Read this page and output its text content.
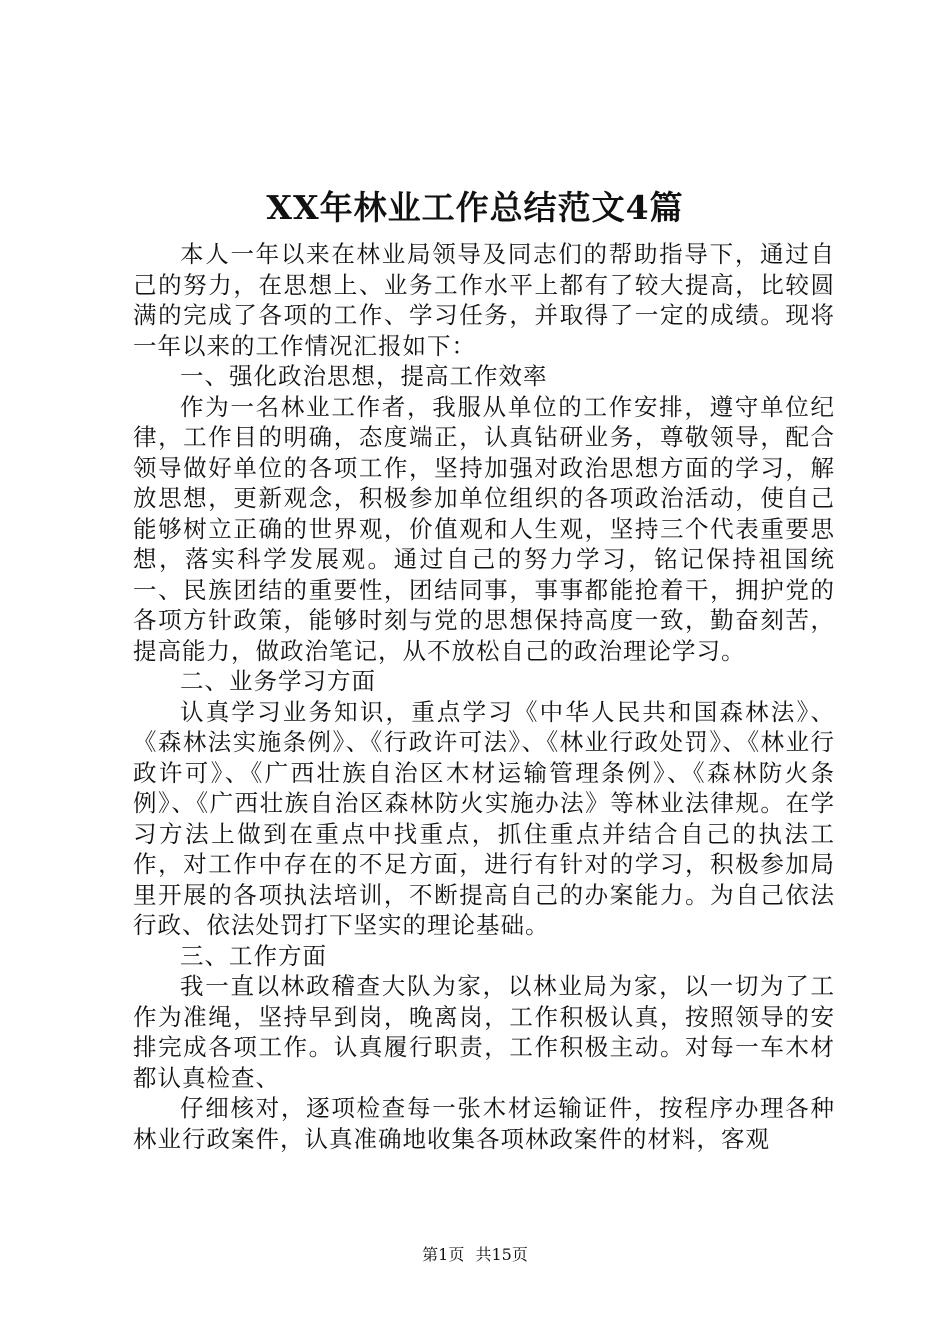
XX年林业工作总结范文4篇

本人一年以来在林业局领导及同志们的帮助指导下，通过自己的努力，在思想上、业务工作水平上都有了较大提高，比较圆满的完成了各项的工作、学习任务，并取得了一定的成绩。现将一年以来的工作情况汇报如下：

一、强化政治思想，提高工作效率

作为一名林业工作者，我服从单位的工作安排，遵守单位纪律，工作目的明确，态度端正，认真钻研业务，尊敬领导，配合领导做好单位的各项工作，坚持加强对政治思想方面的学习，解放思想，更新观念，积极参加单位组织的各项政治活动，使自己能够树立正确的世界观，价值观和人生观，坚持三个代表重要思想，落实科学发展观。通过自己的努力学习，铭记保持祖国统一、民族团结的重要性，团结同事，事事都能抢着干，拥护党的各项方针政策，能够时刻与党的思想保持高度一致，勤奋刻苦，提高能力，做政治笔记，从不放松自己的政治理论学习。

二、业务学习方面

认真学习业务知识，重点学习《中华人民共和国森林法》、《森林法实施条例》、《行政许可法》、《林业行政处罚》、《林业行政许可》、《广西壮族自治区木材运输管理条例》、《森林防火条例》、《广西壮族自治区森林防火实施办法》等林业法律规。在学习方法上做到在重点中找重点，抓住重点并结合自己的执法工作，对工作中存在的不足方面，进行有针对的学习，积极参加局里开展的各项执法培训，不断提高自己的办案能力。为自己依法行政、依法处罚打下坚实的理论基础。

三、工作方面

我一直以林政稽查大队为家，以林业局为家，以一切为了工作为准绳，坚持早到岗，晚离岗，工作积极认真，按照领导的安排完成各项工作。认真履行职责，工作积极主动。对每一车木材都认真检查、

仔细核对，逐项检查每一张木材运输证件，按程序办理各种林业行政案件，认真准确地收集各项林政案件的材料，客观

第1页 共15页
